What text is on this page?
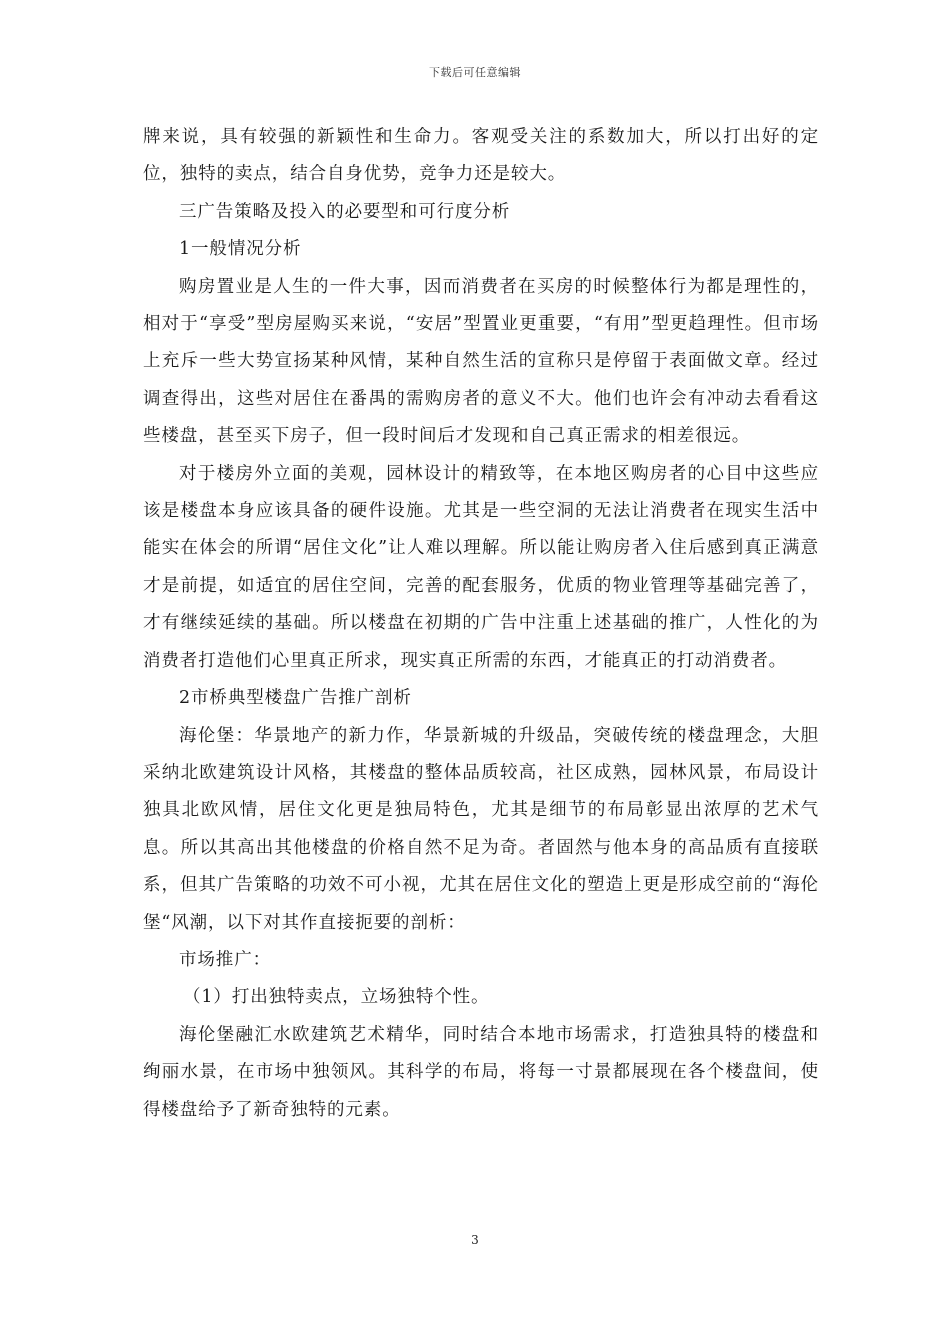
下载后可任意编辑

牌来说，具有较强的新颖性和生命力。客观受关注的系数加大，所以打出好的定位，独特的卖点，结合自身优势，竞争力还是较大。

三广告策略及投入的必要型和可行度分析

1一般情况分析

购房置业是人生的一件大事，因而消费者在买房的时候整体行为都是理性的，相对于“享受”型房屋购买来说，“安居”型置业更重要，“有用”型更趋理性。但市场上充斥一些大势宣扬某种风情，某种自然生活的宣称只是停留于表面做文章。经过调查得出，这些对居住在番禺的需购房者的意义不大。他们也许会有冲动去看看这些楼盘，甚至买下房子，但一段时间后才发现和自己真正需求的相差很远。

对于楼房外立面的美观，园林设计的精致等，在本地区购房者的心目中这些应该是楼盘本身应该具备的硬件设施。尤其是一些空洞的无法让消费者在现实生活中能实在体会的所谓“居住文化”让人难以理解。所以能让购房者入住后感到真正满意才是前提，如适宜的居住空间，完善的配套服务，优质的物业管理等基础完善了，才有继续延续的基础。所以楼盘在初期的广告中注重上述基础的推广，人性化的为消费者打造他们心里真正所求，现实真正所需的东西，才能真正的打动消费者。

2市桥典型楼盘广告推广剖析

海伦堡：华景地产的新力作，华景新城的升级品，突破传统的楼盘理念，大胆采纳北欧建筑设计风格，其楼盘的整体品质较高，社区成熟，园林风景，布局设计独具北欧风情，居住文化更是独局特色，尤其是细节的布局彰显出浓厚的艺术气息。所以其高出其他楼盘的价格自然不足为奇。者固然与他本身的高品质有直接联系，但其广告策略的功效不可小视，尤其在居住文化的塑造上更是形成空前的“海伦堡“风潮，以下对其作直接扼要的剖析：

市场推广：

（1）打出独特卖点，立场独特个性。

海伦堡融汇水欧建筑艺术精华，同时结合本地市场需求，打造独具特的楼盘和绚丽水景，在市场中独领风。其科学的布局，将每一寸景都展现在各个楼盘间，使得楼盘给予了新奇独特的元素。

3
